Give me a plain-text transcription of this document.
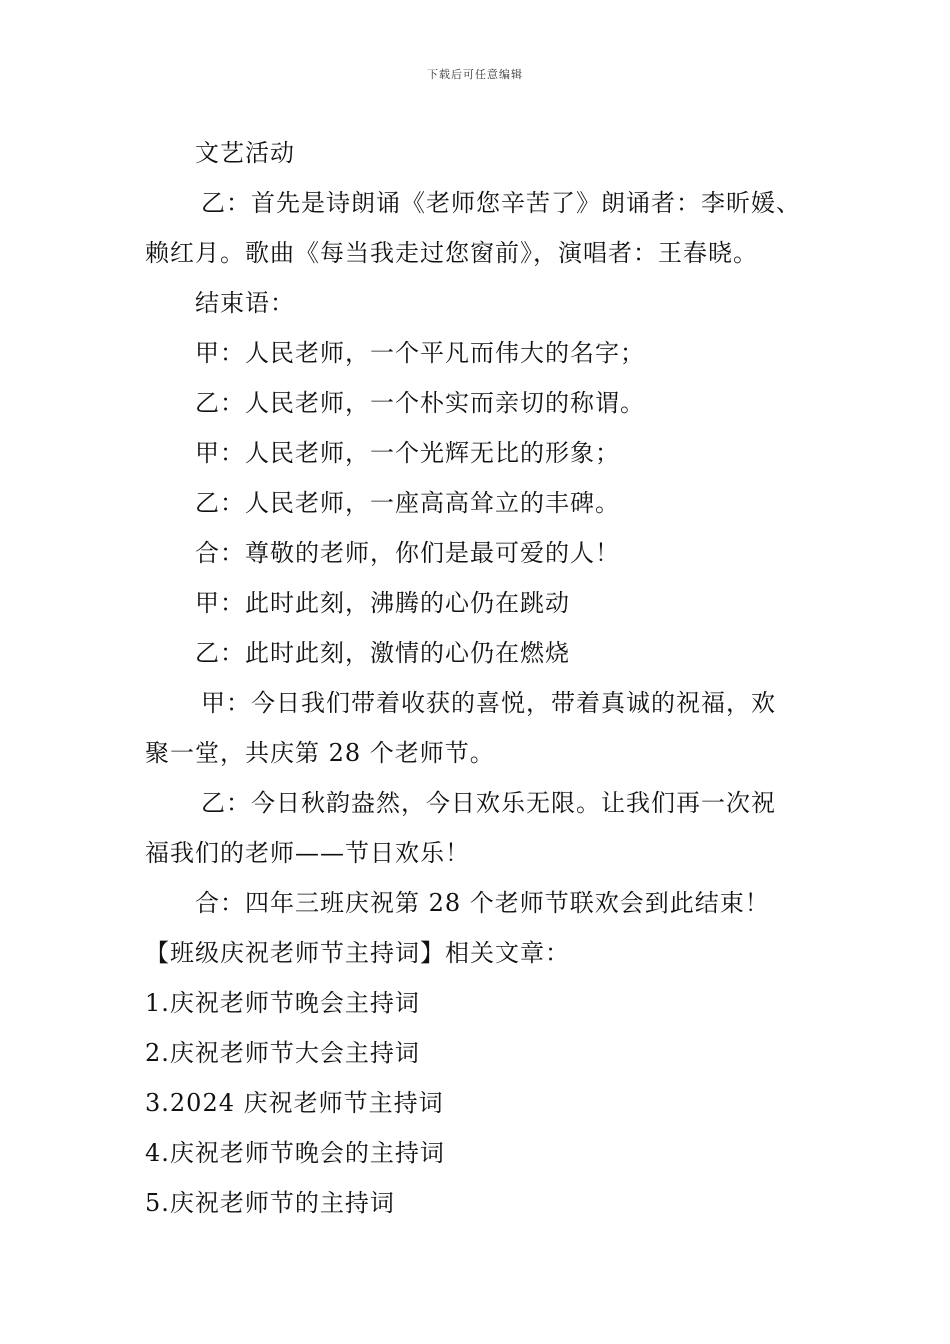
下载后可任意编辑
文艺活动
乙：首先是诗朗诵《老师您辛苦了》朗诵者：李昕媛、
赖红月。歌曲《每当我走过您窗前》，演唱者：王春晓。
结束语：
甲：人民老师，一个平凡而伟大的名字；
乙：人民老师，一个朴实而亲切的称谓。
甲：人民老师，一个光辉无比的形象；
乙：人民老师，一座高高耸立的丰碑。
合：尊敬的老师，你们是最可爱的人！
甲：此时此刻，沸腾的心仍在跳动
乙：此时此刻，激情的心仍在燃烧
甲：今日我们带着收获的喜悦，带着真诚的祝福，欢
聚一堂，共庆第 28 个老师节。
乙：今日秋韵盎然，今日欢乐无限。让我们再一次祝
福我们的老师——节日欢乐！
合：四年三班庆祝第 28 个老师节联欢会到此结束！
【班级庆祝老师节主持词】相关文章：
1.庆祝老师节晚会主持词
2.庆祝老师节大会主持词
3.2024 庆祝老师节主持词
4.庆祝老师节晚会的主持词
5.庆祝老师节的主持词
